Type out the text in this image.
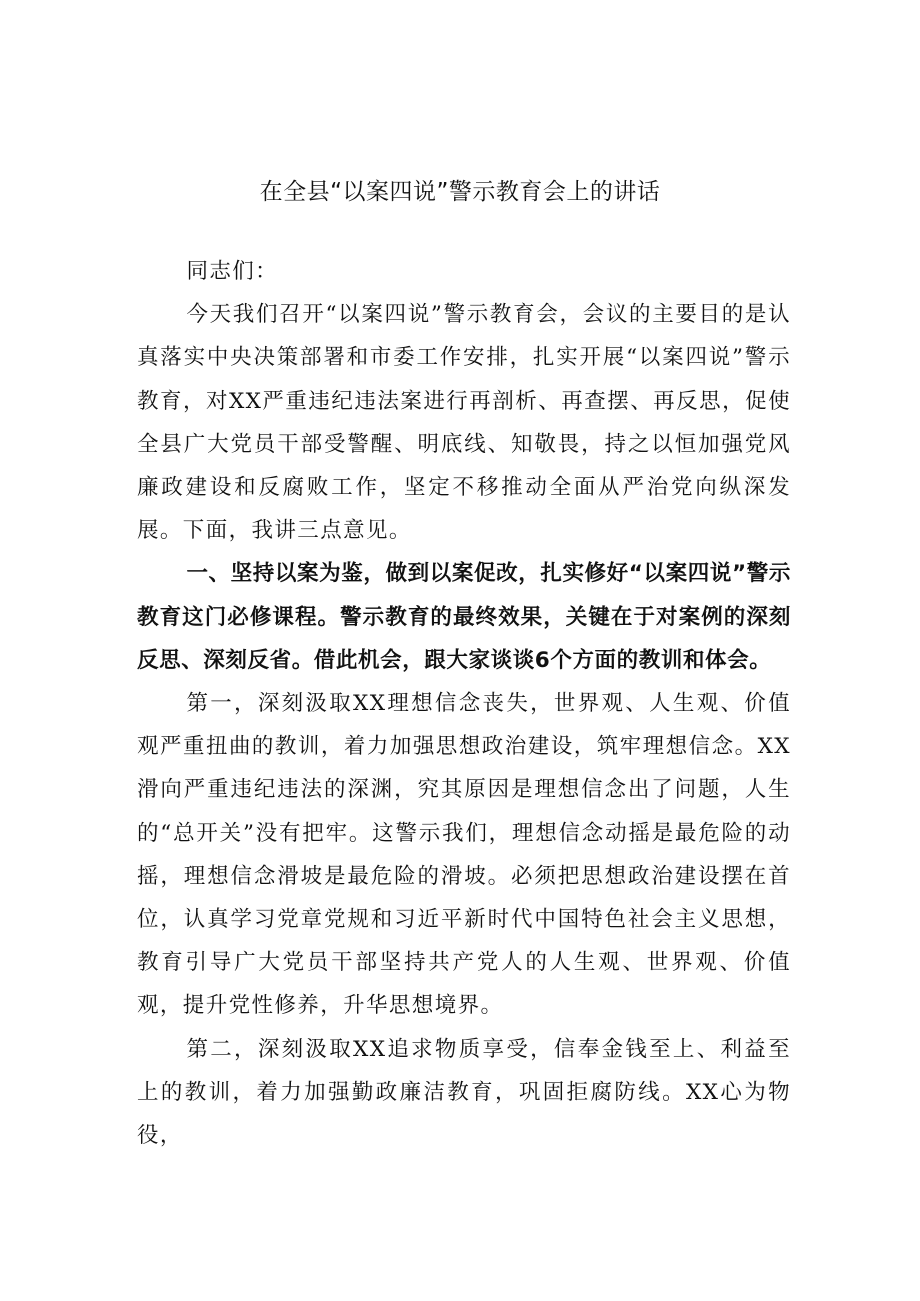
在全县“以案四说”警示教育会上的讲话

同志们：

今天我们召开“以案四说”警示教育会，会议的主要目的是认真落实中央决策部署和市委工作安排，扎实开展“以案四说”警示教育，对XX严重违纪违法案进行再剖析、再查摆、再反思，促使全县广大党员干部受警醒、明底线、知敬畏，持之以恒加强党风廉政建设和反腐败工作，坚定不移推动全面从严治党向纵深发展。下面，我讲三点意见。

一、坚持以案为鉴，做到以案促改，扎实修好“以案四说”警示教育这门必修课程。警示教育的最终效果，关键在于对案例的深刻反思、深刻反省。借此机会，跟大家谈谈6个方面的教训和体会。

第一，深刻汲取XX理想信念丧失，世界观、人生观、价值观严重扭曲的教训，着力加强思想政治建设，筑牢理想信念。XX滑向严重违纪违法的深渊，究其原因是理想信念出了问题，人生的“总开关”没有把牢。这警示我们，理想信念动摇是最危险的动摇，理想信念滑坡是最危险的滑坡。必须把思想政治建设摆在首位，认真学习党章党规和习近平新时代中国特色社会主义思想，教育引导广大党员干部坚持共产党人的人生观、世界观、价值观，提升党性修养，升华思想境界。

第二，深刻汲取XX追求物质享受，信奉金钱至上、利益至上的教训，着力加强勤政廉洁教育，巩固拒腐防线。XX心为物役，
